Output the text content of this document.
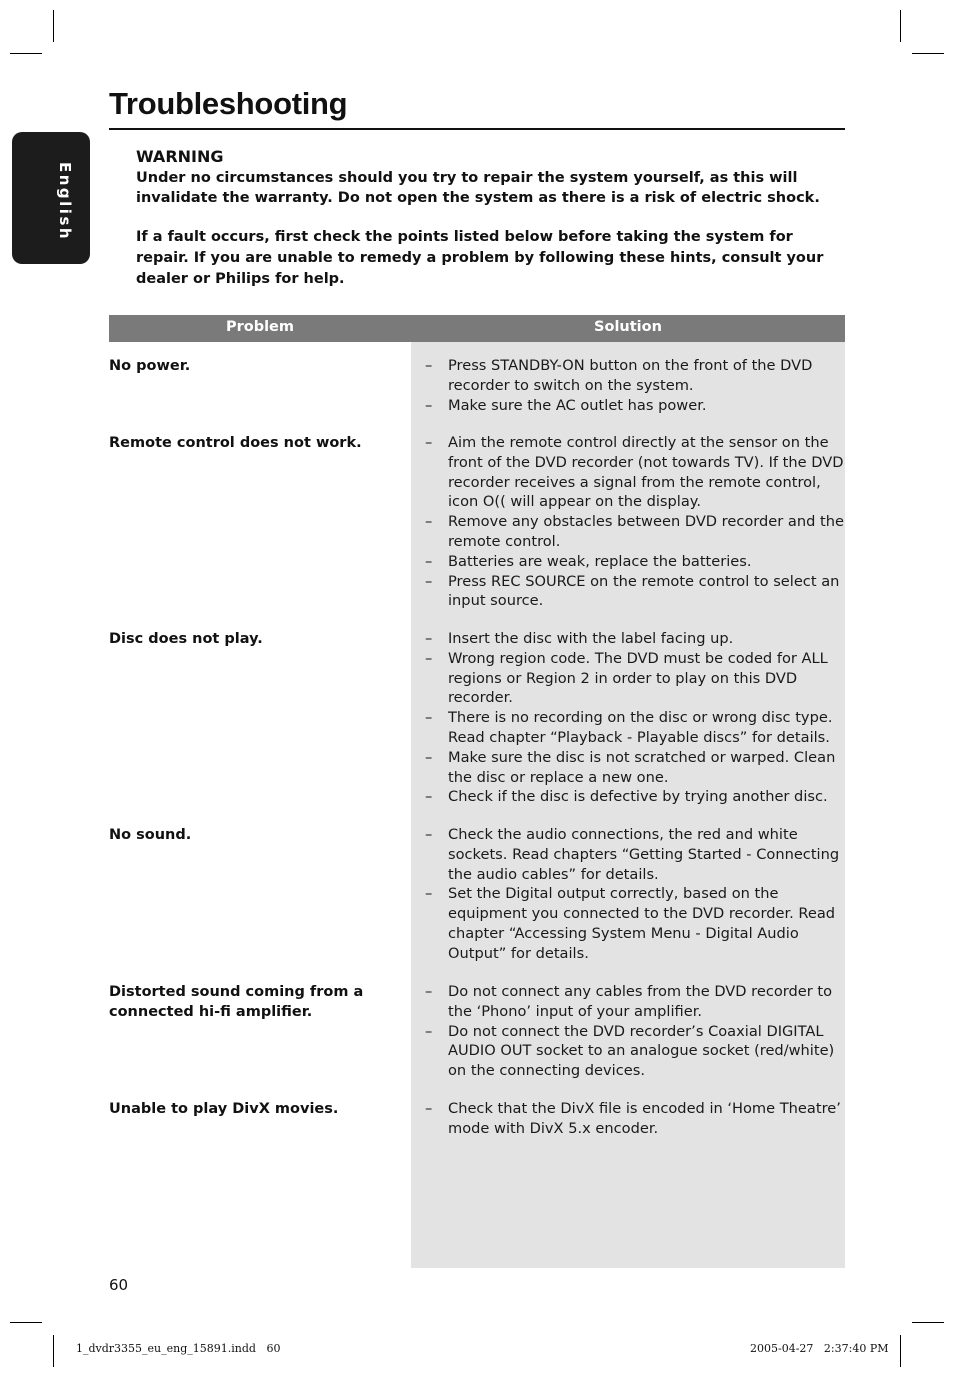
Troubleshooting
English
WARNING
Under no circumstances should you try to repair the system yourself, as this will invalidate the warranty. Do not open the system as there is a risk of electric shock.
If a fault occurs, first check the points listed below before taking the system for repair. If you are unable to remedy a problem by following these hints, consult your dealer or Philips for help.
Problem	Solution
No power.	– Press STANDBY-ON button on the front of the DVD recorder to switch on the system.
– Make sure the AC outlet has power.
Remote control does not work.	– Aim the remote control directly at the sensor on the front of the DVD recorder (not towards TV). If the DVD recorder receives a signal from the remote control, icon O(( will appear on the display.
– Remove any obstacles between DVD recorder and the remote control.
– Batteries are weak, replace the batteries.
– Press REC SOURCE on the remote control to select an input source.
Disc does not play.	– Insert the disc with the label facing up.
– Wrong region code. The DVD must be coded for ALL regions or Region 2 in order to play on this DVD recorder.
– There is no recording on the disc or wrong disc type. Read chapter “Playback - Playable discs” for details.
– Make sure the disc is not scratched or warped. Clean the disc or replace a new one.
– Check if the disc is defective by trying another disc.
No sound.	– Check the audio connections, the red and white sockets. Read chapters “Getting Started - Connecting the audio cables” for details.
– Set the Digital output correctly, based on the equipment you connected to the DVD recorder. Read chapter “Accessing System Menu - Digital Audio Output” for details.
Distorted sound coming from a connected hi-fi amplifier.
– Do not connect any cables from the DVD recorder to the ‘Phono’ input of your amplifier.
– Do not connect the DVD recorder’s Coaxial DIGITAL AUDIO OUT socket to an analogue socket (red/white) on the connecting devices.
Unable to play DivX movies.	– Check that the DivX file is encoded in ‘Home Theatre’ mode with DivX 5.x encoder.
60
1_dvdr3355_eu_eng_15891.indd   60	2005-04-27   2:37:40 PM
